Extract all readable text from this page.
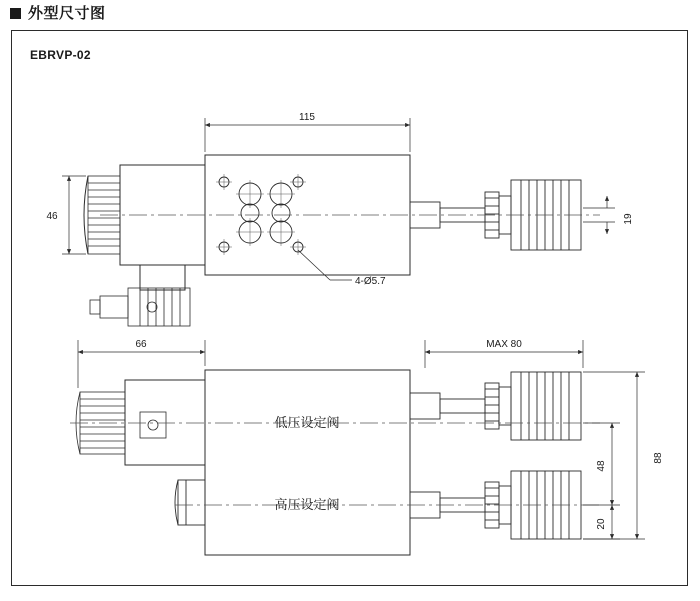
外型尺寸图
EBRVP-02
115
46	19
4-Ø5.7
66	MAX 80
88
48
20
低压设定阀
高压设定阀
